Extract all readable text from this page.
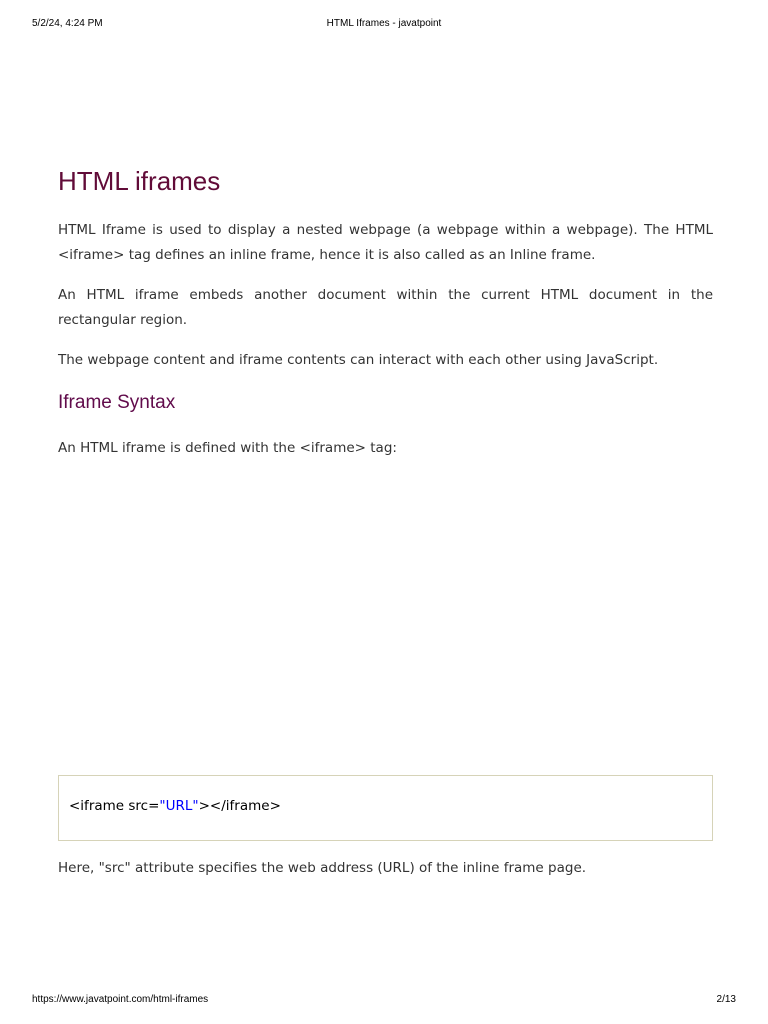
5/2/24, 4:24 PM	HTML Iframes - javatpoint
HTML iframes

HTML Iframe is used to display a nested webpage (a webpage within a webpage). The HTML <iframe> tag defines an inline frame, hence it is also called as an Inline frame.

An HTML iframe embeds another document within the current HTML document in the rectangular region.

The webpage content and iframe contents can interact with each other using JavaScript.

Iframe Syntax

An HTML iframe is defined with the <iframe> tag:

<iframe src="URL"></iframe>

Here, "src" attribute specifies the web address (URL) of the inline frame page.

https://www.javatpoint.com/html-iframes	2/13
